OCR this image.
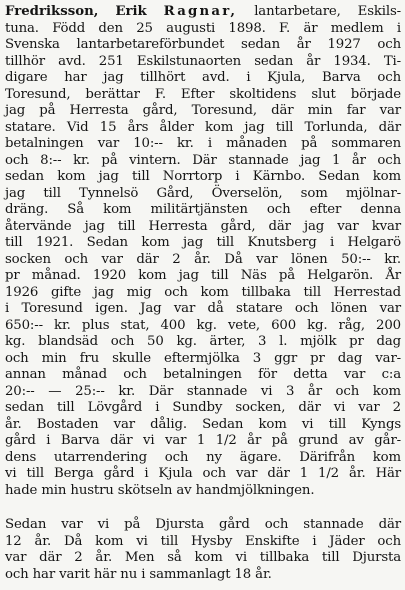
Fredriksson, Erik Ragnar, lantarbetare, Eskils-
tuna. Född den 25 augusti 1898. F. är medlem i
Svenska lantarbetareförbundet sedan år 1927 och
tillhör avd. 251 Eskilstunaorten sedan år 1934. Ti-
digare har jag tillhört avd. i Kjula, Barva och
Toresund, berättar F. Efter skoltidens slut började
jag på Herresta gård, Toresund, där min far var
statare. Vid 15 års ålder kom jag till Torlunda, där
betalningen var 10:-- kr. i månaden på sommaren
och 8:-- kr. på vintern. Där stannade jag 1 år och
sedan kom jag till Norrtorp i Kärnbo. Sedan kom
jag till Tynnelsö Gård, Överselön, som mjölnar-
dräng. Så kom militärtjänsten och efter denna
återvände jag till Herresta gård, där jag var kvar
till 1921. Sedan kom jag till Knutsberg i Helgarö
socken och var där 2 år. Då var lönen 50:-- kr.
pr månad. 1920 kom jag till Näs på Helgarön. År
1926 gifte jag mig och kom tillbaka till Herrestad
i Toresund igen. Jag var då statare och lönen var
650:-- kr. plus stat, 400 kg. vete, 600 kg. råg, 200
kg. blandsäd och 50 kg. ärter, 3 l. mjölk pr dag
och min fru skulle eftermjölka 3 ggr pr dag var-
annan månad och betalningen för detta var c:a
20:-- — 25:-- kr. Där stannade vi 3 år och kom
sedan till Lövgård i Sundby socken, där vi var 2
år. Bostaden var dålig. Sedan kom vi till Kyngs
gård i Barva där vi var 1 1/2 år på grund av går-
dens utarrendering och ny ägare. Därifrån kom
vi till Berga gård i Kjula och var där 1 1/2 år. Här
hade min hustru skötseln av handmjölkningen.
Sedan var vi på Djursta gård och stannade där
12 år. Då kom vi till Hysby Enskifte i Jäder och
var där 2 år. Men så kom vi tillbaka till Djursta
och har varit här nu i sammanlagt 18 år.
